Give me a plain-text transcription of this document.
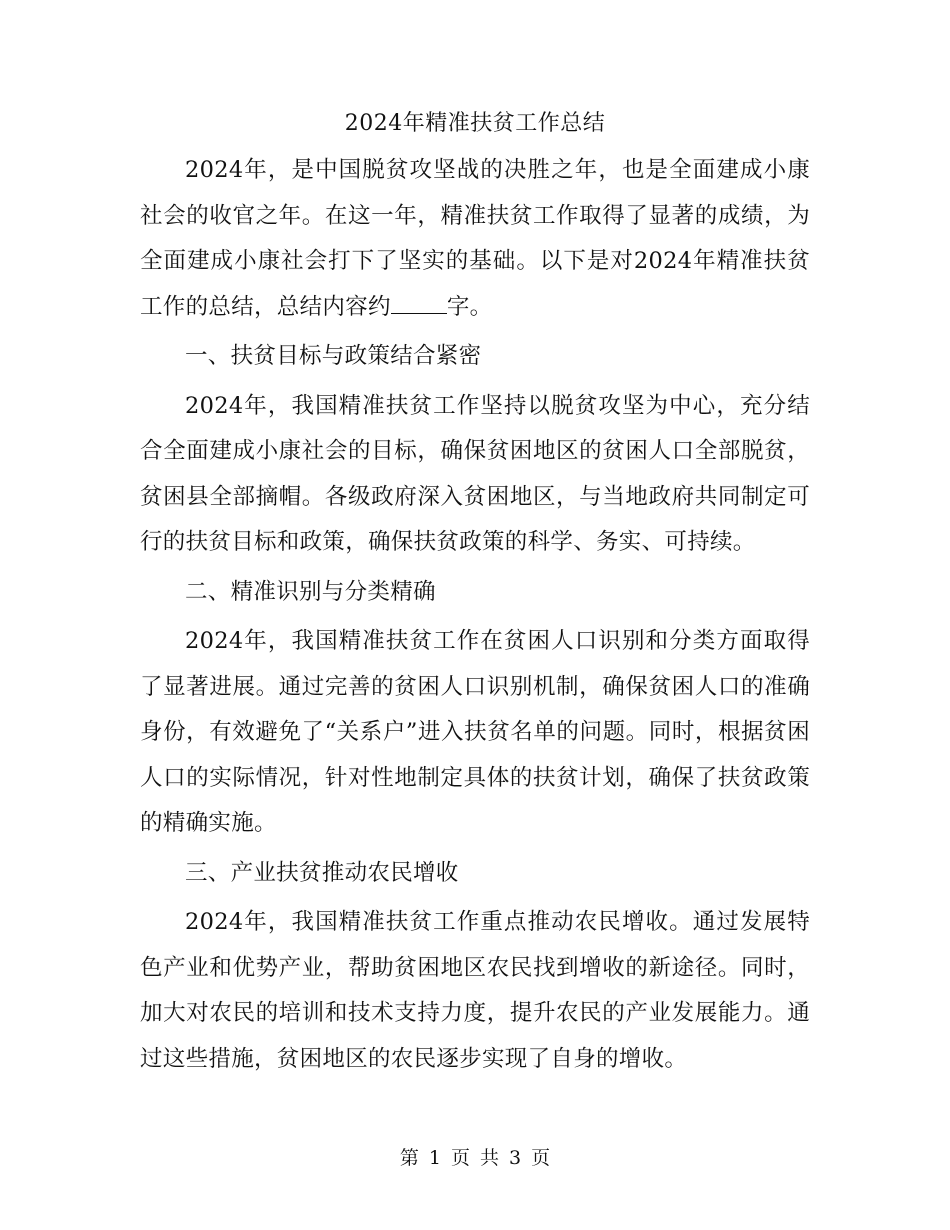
2024年精准扶贫工作总结

2024年，是中国脱贫攻坚战的决胜之年，也是全面建成小康社会的收官之年。在这一年，精准扶贫工作取得了显著的成绩，为全面建成小康社会打下了坚实的基础。以下是对2024年精准扶贫工作的总结，总结内容约 字。

一、扶贫目标与政策结合紧密

2024年，我国精准扶贫工作坚持以脱贫攻坚为中心，充分结合全面建成小康社会的目标，确保贫困地区的贫困人口全部脱贫，贫困县全部摘帽。各级政府深入贫困地区，与当地政府共同制定可行的扶贫目标和政策，确保扶贫政策的科学、务实、可持续。

二、精准识别与分类精确

2024年，我国精准扶贫工作在贫困人口识别和分类方面取得了显著进展。通过完善的贫困人口识别机制，确保贫困人口的准确身份，有效避免了“关系户”进入扶贫名单的问题。同时，根据贫困人口的实际情况，针对性地制定具体的扶贫计划，确保了扶贫政策的精确实施。

三、产业扶贫推动农民增收

2024年，我国精准扶贫工作重点推动农民增收。通过发展特色产业和优势产业，帮助贫困地区农民找到增收的新途径。同时，加大对农民的培训和技术支持力度，提升农民的产业发展能力。通过这些措施，贫困地区的农民逐步实现了自身的增收。

第 1 页 共 3 页
